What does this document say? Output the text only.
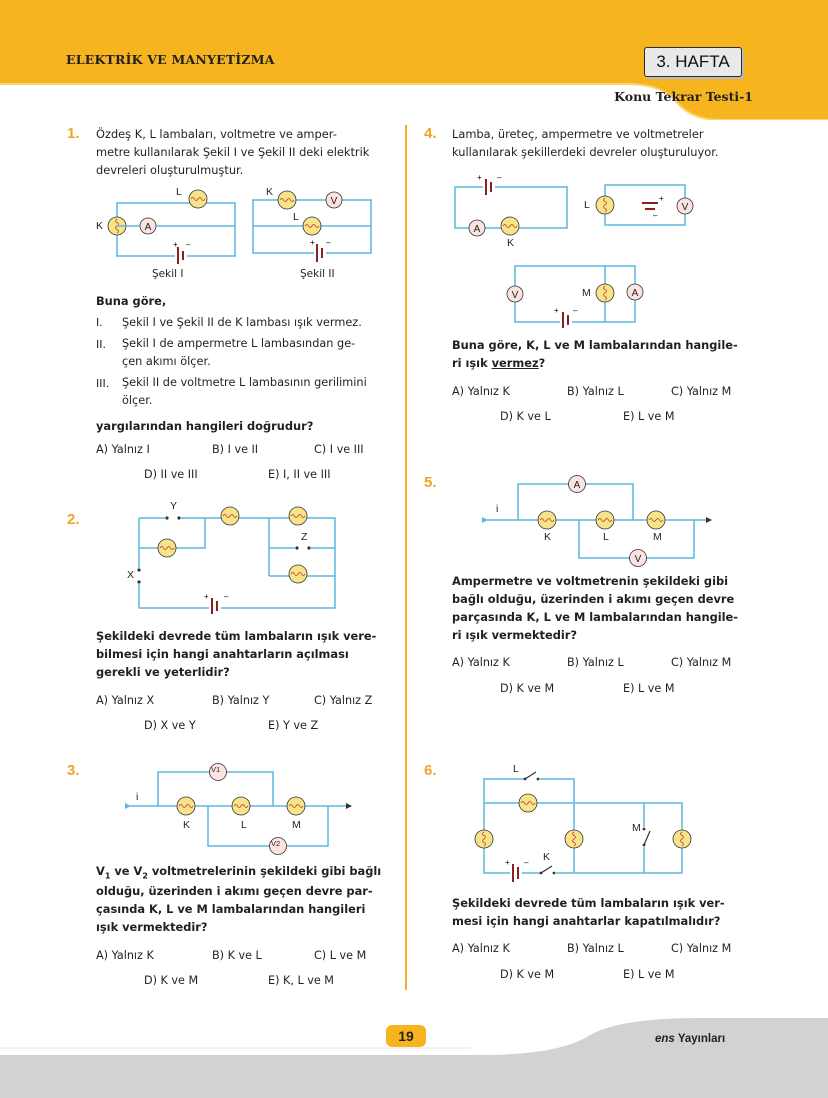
ELEKTRİK VE MANYETİZMA	3. HAFTA
Konu Tekrar Testi-1
1. Özdeş K, L lambaları, voltmetre ve amper-
metre kullanılarak Şekil I ve Şekil II deki elektrik
devreleri oluşturulmuştur.
A
+ –
V
+ –
L
K
K
L
Şekil I	Şekil II
Buna göre,
I. Şekil I ve Şekil II de K lambası ışık vermez.
II. Şekil I de ampermetre L lambasından ge-
çen akımı ölçer.
III. Şekil II de voltmetre L lambasının gerilimini
ölçer.
yargılarından hangileri doğrudur?
A) Yalnız I	B) I ve II	C) I ve III
D) II ve III	E) I, II ve III
2.
+ –
Y
X
Z
Şekildeki devrede tüm lambaların ışık vere-
bilmesi için hangi anahtarların açılması
gerekli ve yeterlidir?
A) Yalnız X	B) Yalnız Y	C) Yalnız Z
D) X ve Y	E) Y ve Z
3.	V1
V2
i
K	L	M
$V_1$ ve $V_2$ voltmetrelerinin şekildeki gibi bağlı
olduğu, üzerinden i akımı geçen devre par-
çasında K, L ve M lambalarından hangileri
ışık vermektedir?
A) Yalnız K	B) K ve L	C) L ve M
D) K ve M	E) K, L ve M
4. Lamba, üreteç, ampermetre ve voltmetreler
kullanılarak şekillerdeki devreler oluşturuluyor.
+ –
A
+
–
V
V	A
+ –
K
L
M
Buna göre, K, L ve M lambalarından hangile-
ri ışık vermez?
A) Yalnız K	B) Yalnız L	C) Yalnız M
D) K ve L	E) L ve M
5.	A
V
i
K	L	M
Ampermetre ve voltmetrenin şekildeki gibi
bağlı olduğu, üzerinden i akımı geçen devre
parçasında K, L ve M lambalarından hangile-
ri ışık vermektedir?
A) Yalnız K	B) Yalnız L	C) Yalnız M
D) K ve M	E) L ve M
6.
+ –
L
M
K
Şekildeki devrede tüm lambaların ışık ver-
mesi için hangi anahtarlar kapatılmalıdır?
A) Yalnız K	B) Yalnız L	C) Yalnız M
D) K ve M	E) L ve M
19	ens Yayınları
